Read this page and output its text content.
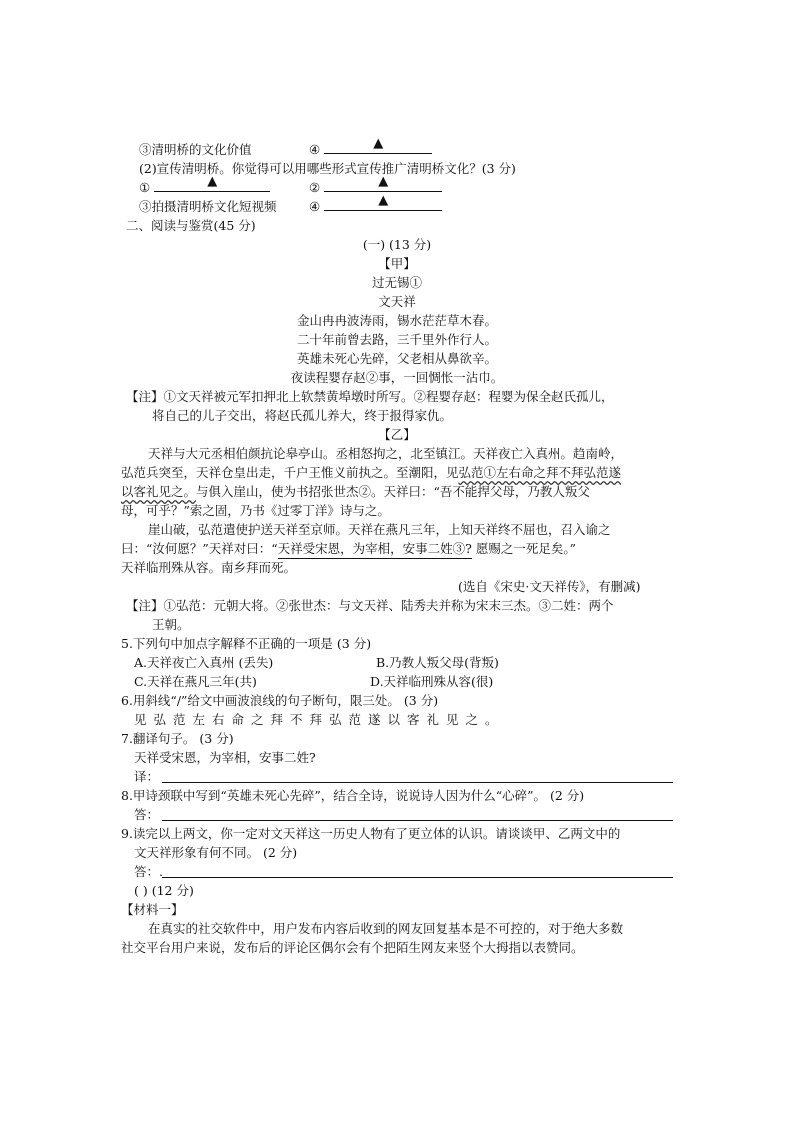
③清明桥的文化价值	④	▲
(2)宣传清明桥。你觉得可以用哪些形式宣传推广清明桥文化？(3 分)
①	▲	②	▲
③拍摄清明桥文化短视频	④	▲
二、阅读与鉴赏(45 分)
(一) (13 分)
【甲】
过无锡①
文天祥
金山冉冉波涛雨，锡水茫茫草木春。
二十年前曾去路，三千里外作行人。
英雄未死心先碎，父老相从鼻欲辛。
夜读程婴存赵②事，一回惆怅一沾巾。
【注】①文天祥被元军扣押北上软禁黄埠墩时所写。②程婴存赵：程婴为保全赵氏孤儿，
将自己的儿子交出，将赵氏孤儿养大，终于报得家仇。
【乙】
天祥与大元丞相伯颜抗论皋亭山。丞相怒拘之，北至镇江。天祥夜亡入真州。趋南岭，
弘范兵突至，天祥仓皇出走，千户王惟义前执之。至潮阳，见弘范①左右命之拜不拜弘范遂
以客礼见之。与俱入崖山，使为书招张世杰②。天祥曰：“吾不能捍父母，乃教人叛父
母，可乎？”索之固，乃书《过零丁洋》诗与之。
崖山破，弘范遣使护送天祥至京师。天祥在燕凡三年，上知天祥终不屈也，召入谕之
曰：“汝何愿？”天祥对曰：“天祥受宋恩，为宰相，安事二姓③? 愿赐之一死足矣。”
天祥临刑殊从容。南乡拜而死。
(选自《宋史·文天祥传》，有删减)
【注】①弘范：元朝大将。②张世杰：与文天祥、陆秀夫并称为宋末三杰。③二姓：两个
王朝。
5.下列句中加点字解释不正确的一项是 (3 分)
A.天祥夜亡入真州 (丢失)	B.乃教人叛父母(背叛)
C.天祥在燕凡三年(共)	D.天祥临刑殊从容(很)
6.用斜线“/”给文中画波浪线的句子断句，限三处。 (3 分)
见弘范左右命之拜不拜弘范遂以客礼见之。
7.翻译句子。 (3 分)
天祥受宋恩，为宰相，安事二姓?
译：
8.甲诗颈联中写到“英雄未死心先碎”，结合全诗，说说诗人因为什么“心碎”。 (2 分)
答：
9.读完以上两文，你一定对文天祥这一历史人物有了更立体的认识。请谈谈甲、乙两文中的
文天祥形象有何不同。 (2 分)
答：.
( ) (12 分)
【材料一】
在真实的社交软件中，用户发布内容后收到的网友回复基本是不可控的，对于绝大多数
社交平台用户来说，发布后的评论区偶尔会有个把陌生网友来竖个大拇指以表赞同。
